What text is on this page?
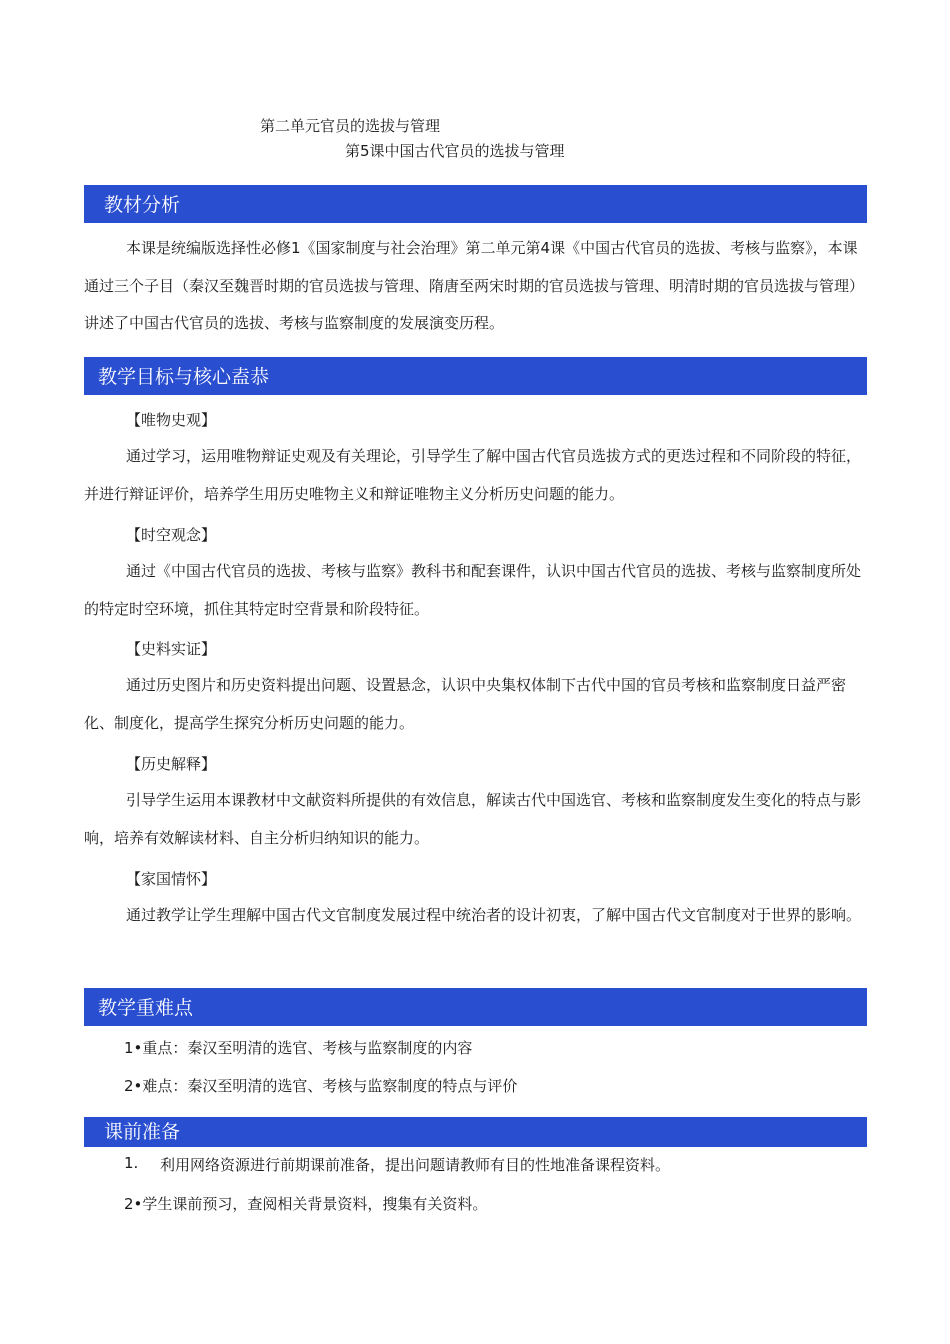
第二单元官员的选拔与管理
第5课中国古代官员的选拔与管理
教材分析
本课是统编版选择性必修1《国家制度与社会治理》第二单元第4课《中国古代官员的选拔、考核与监察》，本课通过三个子目（秦汉至魏晋时期的官员选拔与管理、隋唐至两宋时期的官员选拔与管理、明清时期的官员选拔与管理）讲述了中国古代官员的选拔、考核与监察制度的发展演变历程。
教学目标与核心盍恭
【唯物史观】
通过学习，运用唯物辩证史观及有关理论，引导学生了解中国古代官员选拔方式的更迭过程和不同阶段的特征，并进行辩证评价，培养学生用历史唯物主义和辩证唯物主义分析历史问题的能力。
【时空观念】
通过《中国古代官员的选拔、考核与监察》教科书和配套课件，认识中国古代官员的选拔、考核与监察制度所处的特定时空环境，抓住其特定时空背景和阶段特征。
【史料实证】
通过历史图片和历史资料提出问题、设置悬念，认识中央集权体制下古代中国的官员考核和监察制度日益严密化、制度化，提高学生探究分析历史问题的能力。
【历史解释】
引导学生运用本课教材中文献资料所提供的有效信息，解读古代中国选官、考核和监察制度发生变化的特点与影响，培养有效解读材料、自主分析归纳知识的能力。
【家国情怀】
通过教学让学生理解中国古代文官制度发展过程中统治者的设计初衷，了解中国古代文官制度对于世界的影响。
教学重难点
1•重点：秦汉至明清的选官、考核与监察制度的内容
2•难点：秦汉至明清的选官、考核与监察制度的特点与评价
课前准备
1. 利用网络资源进行前期课前准备，提出问题请教师有目的性地准备课程资料。
2•学生课前预习，查阅相关背景资料，搜集有关资料。
